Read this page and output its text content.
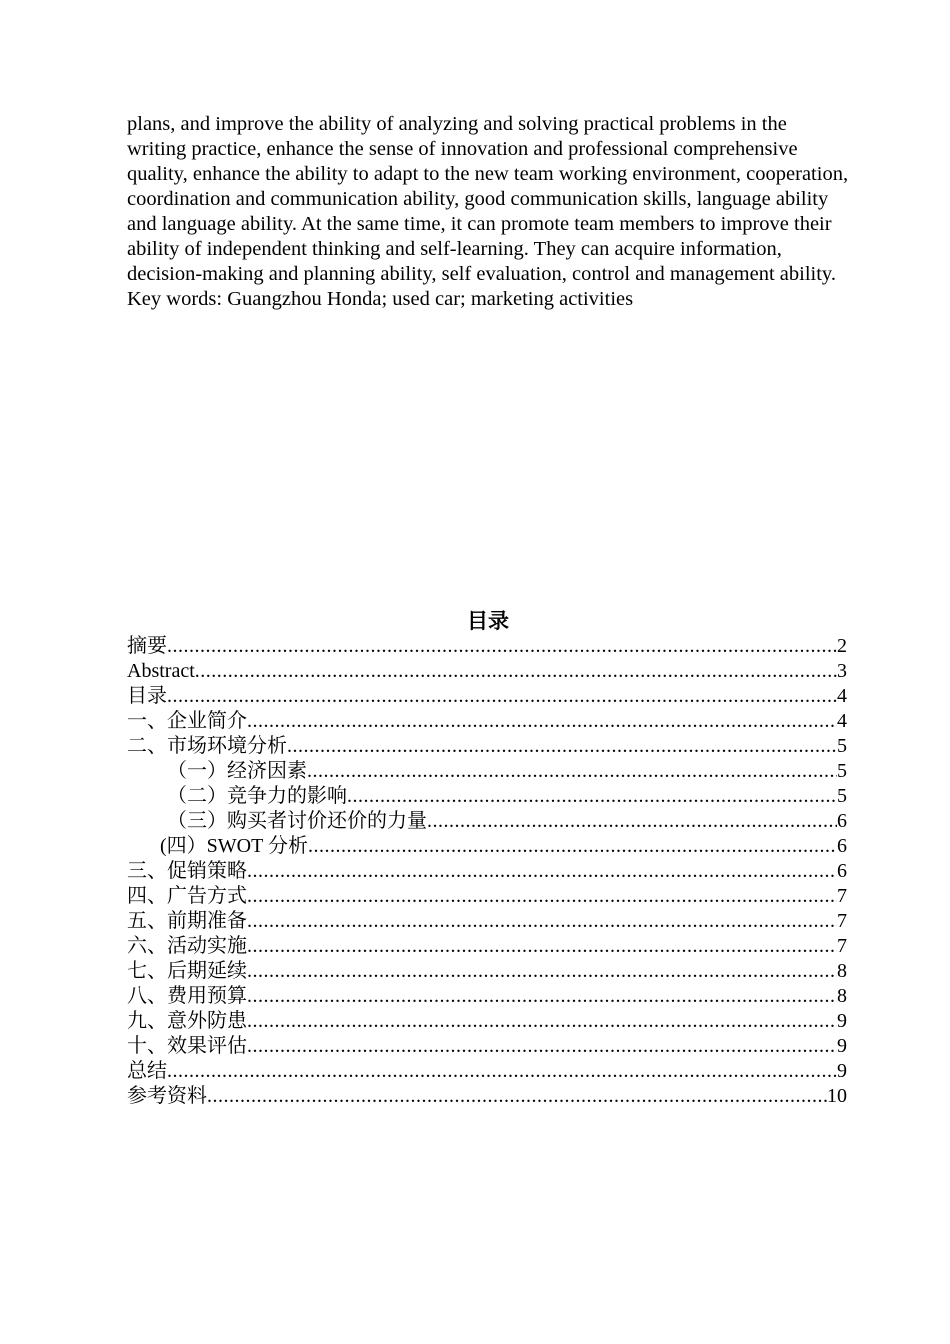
plans, and improve the ability of analyzing and solving practical problems in the writing practice, enhance the sense of innovation and professional comprehensive quality, enhance the ability to adapt to the new team working environment, cooperation, coordination and communication ability, good communication skills, language ability and language ability. At the same time, it can promote team members to improve their ability of independent thinking and self-learning. They can acquire information, decision-making and planning ability, self evaluation, control and management ability.

Key words: Guangzhou Honda; used car; marketing activities

目录
摘要 .....	2
Abstract .....	3
目录 .....	4
一、企业简介 .....	4
二、市场环境分析 .....	5
（一）经济因素 .....	5
（二）竞争力的影响 .....	5
（三）购买者讨价还价的力量 .....	6
(四）SWOT 分析 .....	6
三、促销策略 .....	6
四、广告方式 .....	7
五、前期准备 .....	7
六、活动实施 .....	7
七、后期延续 .....	8
八、费用预算 .....	8
九、意外防患 .....	9
十、效果评估 .....	9
总结 .....	9
参考资料 .....	10
